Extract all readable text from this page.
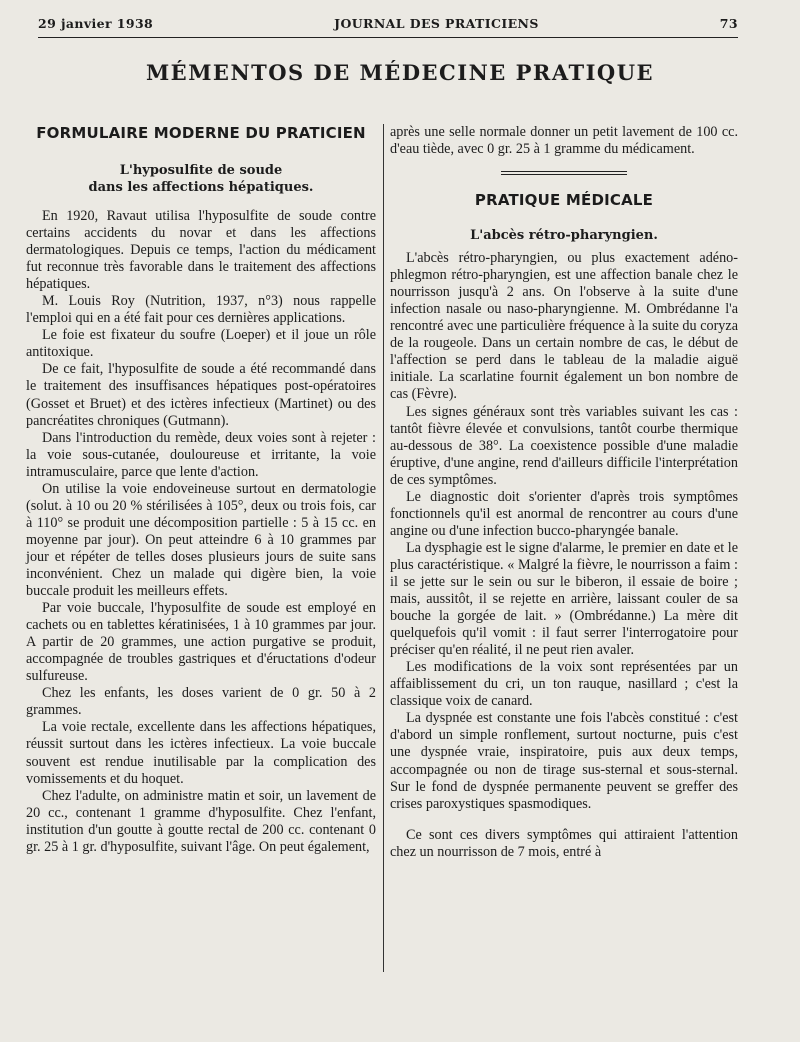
29 janvier 1938	JOURNAL DES PRATICIENS	73
MÉMENTOS DE MÉDECINE PRATIQUE
FORMULAIRE MODERNE DU PRATICIEN

L'hyposulfite de soude

dans les affections hépatiques.

En 1920, Ravaut utilisa l'hyposulfite de soude contre certains accidents du novar et dans les affections dermatologiques. Depuis ce temps, l'action du médicament fut reconnue très favorable dans le traitement des affections hépatiques.

M. Louis Roy (Nutrition, 1937, n°3) nous rappelle l'emploi qui en a été fait pour ces dernières applications.

Le foie est fixateur du soufre (Loeper) et il joue un rôle antitoxique.

De ce fait, l'hyposulfite de soude a été recommandé dans le traitement des insuffisances hépatiques post-opératoires (Gosset et Bruet) et des ictères infectieux (Martinet) ou des pancréatites chroniques (Gutmann).

Dans l'introduction du remède, deux voies sont à rejeter : la voie sous-cutanée, douloureuse et irritante, la voie intramusculaire, parce que lente d'action.

On utilise la voie endoveineuse surtout en dermatologie (solut. à 10 ou 20 % stérilisées à 105°, deux ou trois fois, car à 110° se produit une décomposition partielle : 5 à 15 cc. en moyenne par jour). On peut atteindre 6 à 10 grammes par jour et répéter de telles doses plusieurs jours de suite sans inconvénient. Chez un malade qui digère bien, la voie buccale produit les meilleurs effets.

Par voie buccale, l'hyposulfite de soude est employé en cachets ou en tablettes kératinisées, 1 à 10 grammes par jour. A partir de 20 grammes, une action purgative se produit, accompagnée de troubles gastriques et d'éructations d'odeur sulfureuse.

Chez les enfants, les doses varient de 0 gr. 50 à 2 grammes.

La voie rectale, excellente dans les affections hépatiques, réussit surtout dans les ictères infectieux. La voie buccale souvent est rendue inutilisable par la complication des vomissements et du hoquet.

Chez l'adulte, on administre matin et soir, un lavement de 20 cc., contenant 1 gramme d'hyposulfite. Chez l'enfant, institution d'un goutte à goutte rectal de 200 cc. contenant 0 gr. 25 à 1 gr. d'hyposulfite, suivant l'âge. On peut également,

après une selle normale donner un petit lavement de 100 cc. d'eau tiède, avec 0 gr. 25 à 1 gramme du médicament.

PRATIQUE MÉDICALE

L'abcès rétro-pharyngien.

L'abcès rétro-pharyngien, ou plus exactement adéno-phlegmon rétro-pharyngien, est une affection banale chez le nourrisson jusqu'à 2 ans. On l'observe à la suite d'une infection nasale ou naso-pharyngienne. M. Ombrédanne l'a rencontré avec une particulière fréquence à la suite du coryza de la rougeole. Dans un certain nombre de cas, le début de l'affection se perd dans le tableau de la maladie aiguë initiale. La scarlatine fournit également un bon nombre de cas (Fèvre).

Les signes généraux sont très variables suivant les cas : tantôt fièvre élevée et convulsions, tantôt courbe thermique au-dessous de 38°. La coexistence possible d'une maladie éruptive, d'une angine, rend d'ailleurs difficile l'interprétation de ces symptômes.

Le diagnostic doit s'orienter d'après trois symptômes fonctionnels qu'il est anormal de rencontrer au cours d'une angine ou d'une infection bucco-pharyngée banale.

La dysphagie est le signe d'alarme, le premier en date et le plus caractéristique. « Malgré la fièvre, le nourrisson a faim : il se jette sur le sein ou sur le biberon, il essaie de boire ; mais, aussitôt, il se rejette en arrière, laissant couler de sa bouche la gorgée de lait. » (Ombrédanne.) La mère dit quelquefois qu'il vomit : il faut serrer l'interrogatoire pour préciser qu'en réalité, il ne peut rien avaler.

Les modifications de la voix sont représentées par un affaiblissement du cri, un ton rauque, nasillard ; c'est la classique voix de canard.

La dyspnée est constante une fois l'abcès constitué : c'est d'abord un simple ronflement, surtout nocturne, puis c'est une dyspnée vraie, inspiratoire, puis aux deux temps, accompagnée ou non de tirage sus-sternal et sous-sternal. Sur le fond de dyspnée permanente peuvent se greffer des crises paroxystiques spasmodiques.

Ce sont ces divers symptômes qui attiraient l'attention chez un nourrisson de 7 mois, entré à
